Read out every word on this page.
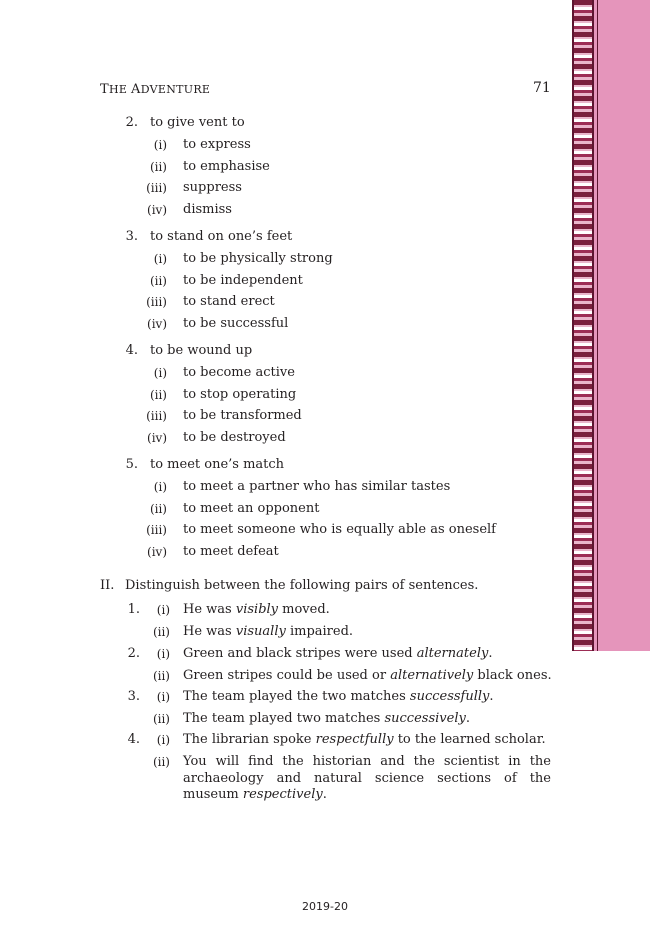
THE ADVENTURE	71
2. to give vent to
(i) to express
(ii) to emphasise
(iii) suppress
(iv) dismiss
3. to stand on one’s feet
(i) to be physically strong
(ii) to be independent
(iii) to stand erect
(iv) to be successful
4. to be wound up
(i) to become active
(ii) to stop operating
(iii) to be transformed
(iv) to be destroyed
5. to meet one’s match
(i) to meet a partner who has similar tastes
(ii) to meet an opponent
(iii) to meet someone who is equally able as oneself
(iv) to meet defeat
II. Distinguish between the following pairs of sentences.
1.	(i) He was visibly moved.
(ii) He was visually impaired.
2.	(i) Green and black stripes were used alternately.
(ii) Green stripes could be used or alternatively black ones.
3.	(i) The team played the two matches successfully.
(ii) The team played two matches successively.
4.	(i) The librarian spoke respectfully to the learned scholar.
(ii) You will find the historian and the scientist in the archaeology and natural science sections of the museum respectively.
2019-20
